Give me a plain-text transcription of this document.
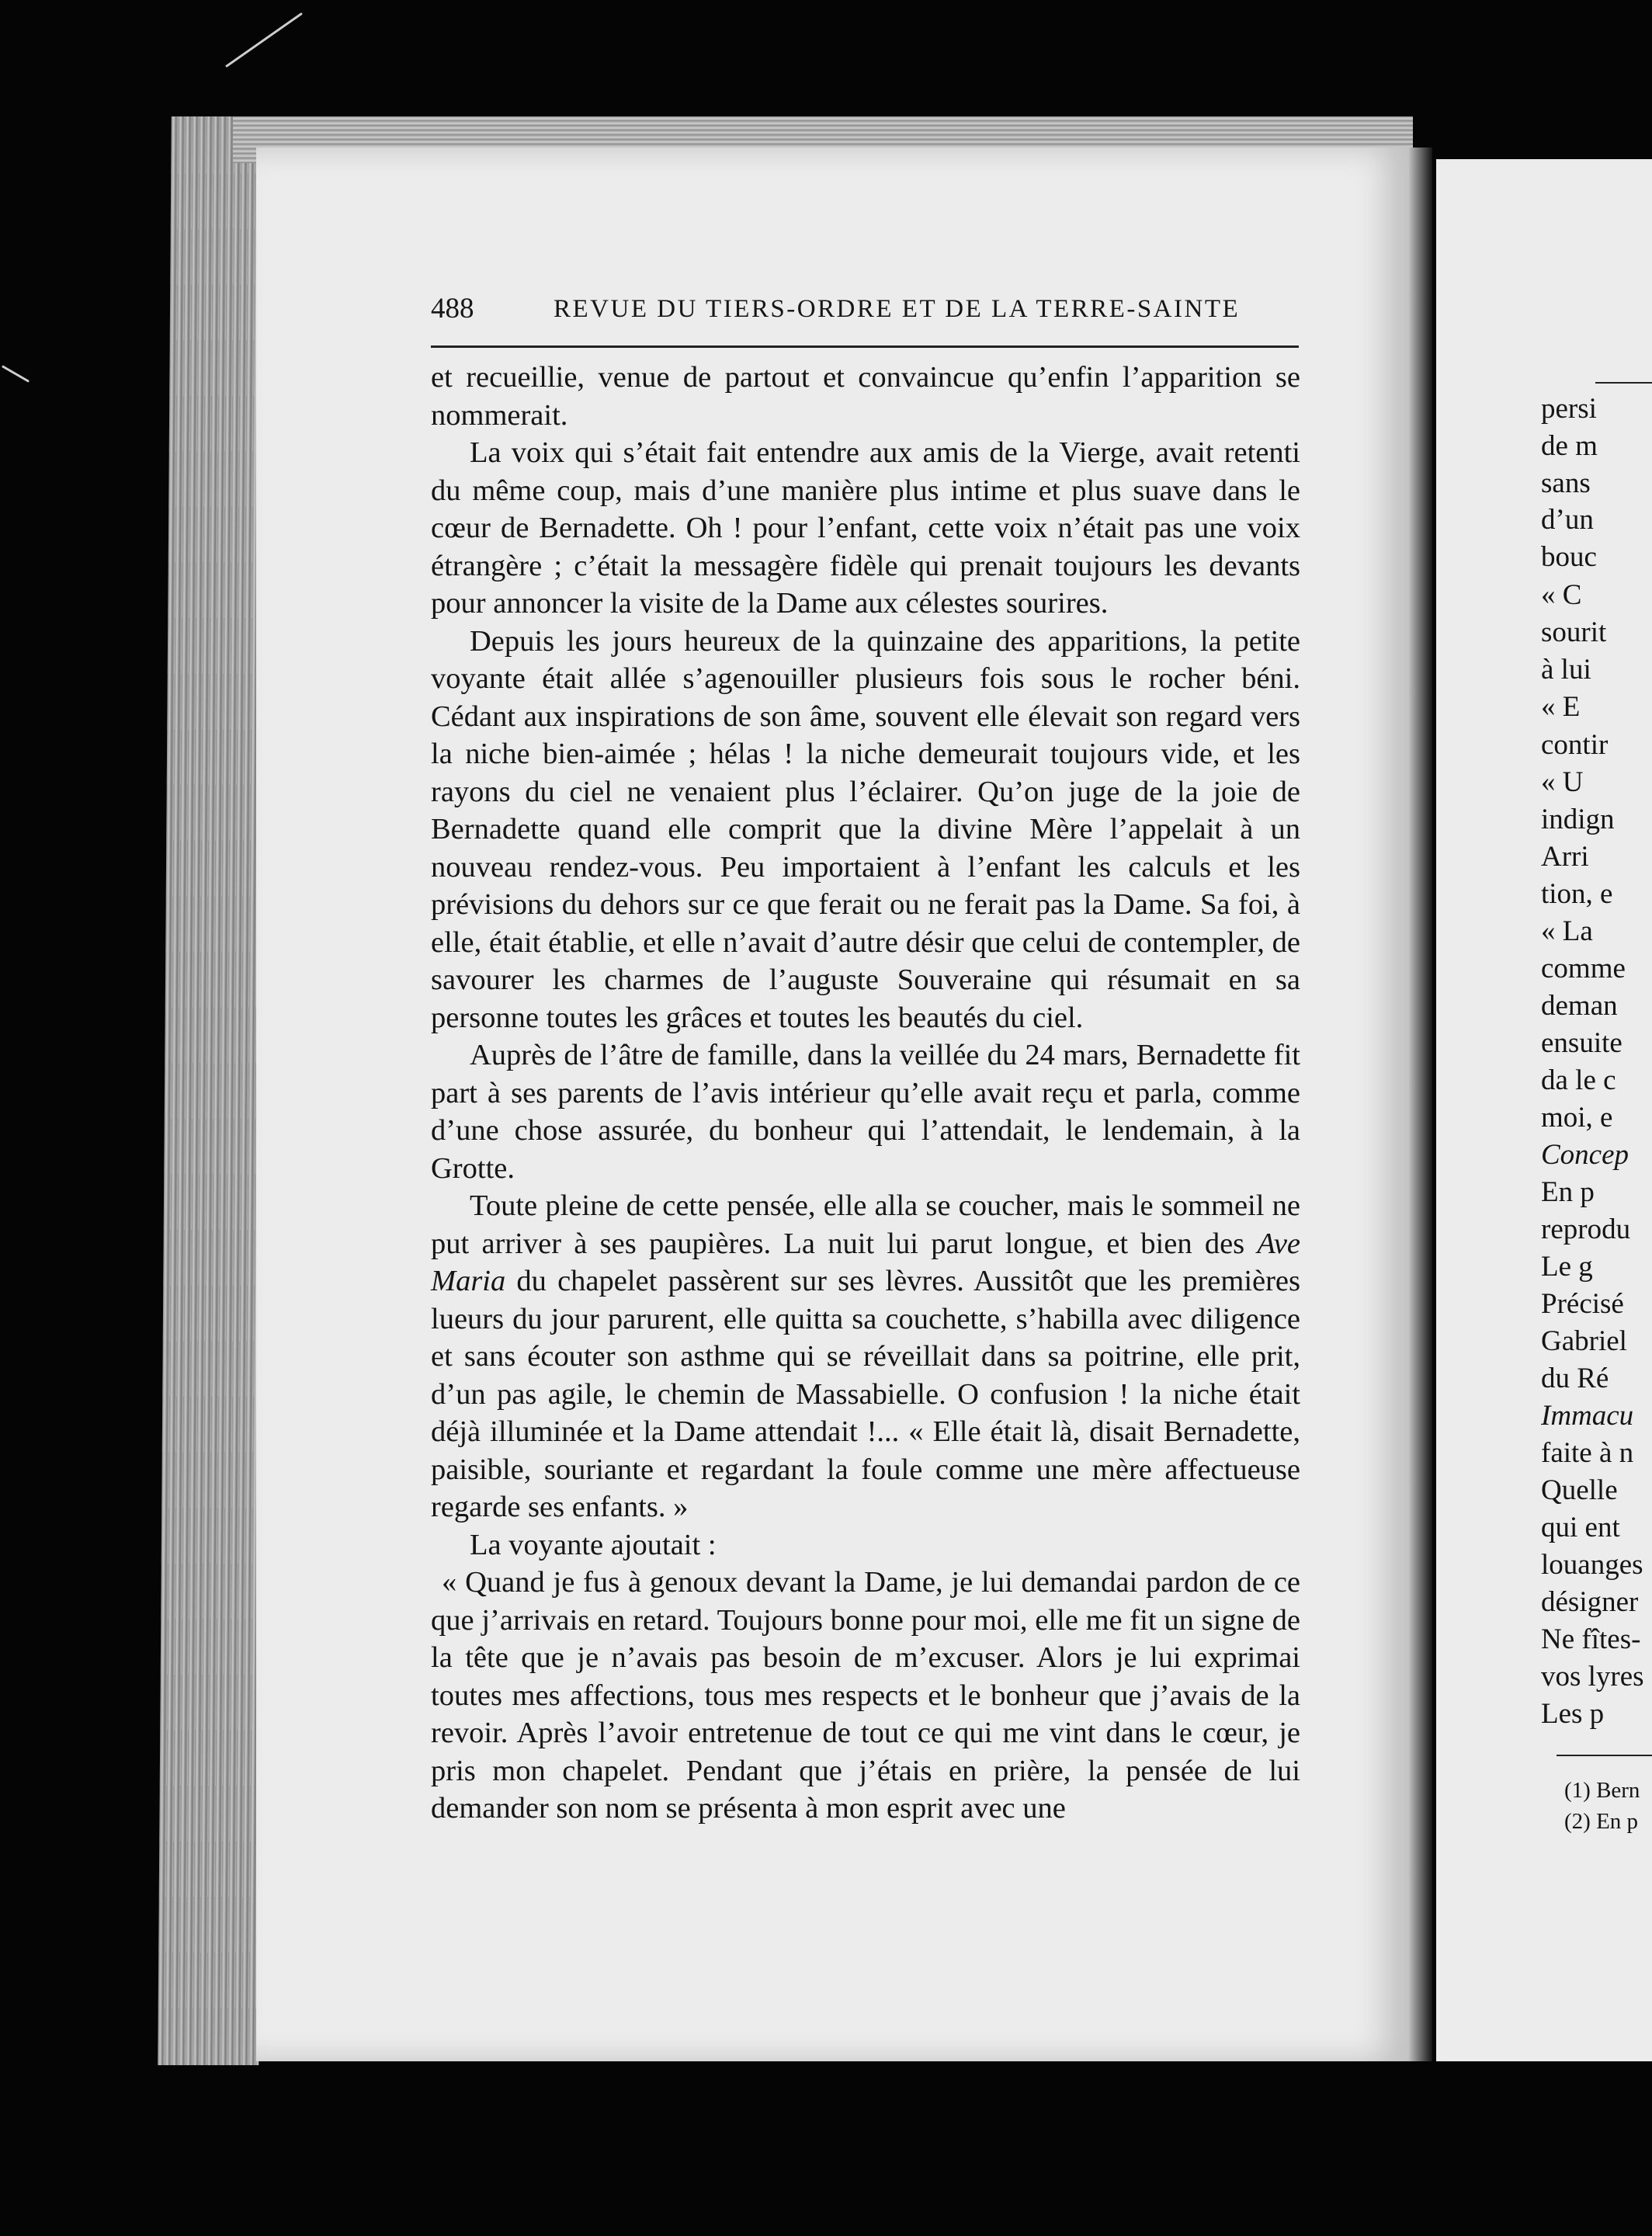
488	REVUE DU TIERS-ORDRE ET DE LA TERRE-SAINTE

et recueillie, venue de partout et convaincue qu’enfin l’apparition se nommerait.

La voix qui s’était fait entendre aux amis de la Vierge, avait retenti du même coup, mais d’une manière plus intime et plus suave dans le cœur de Bernadette. Oh ! pour l’enfant, cette voix n’était pas une voix étrangère ; c’était la messagère fidèle qui prenait toujours les devants pour annoncer la visite de la Dame aux célestes sourires.

Depuis les jours heureux de la quinzaine des apparitions, la petite voyante était allée s’agenouiller plusieurs fois sous le rocher béni. Cédant aux inspirations de son âme, souvent elle élevait son regard vers la niche bien-aimée ; hélas ! la niche demeurait toujours vide, et les rayons du ciel ne venaient plus l’éclairer. Qu’on juge de la joie de Bernadette quand elle comprit que la divine Mère l’appelait à un nouveau rendez-vous. Peu importaient à l’enfant les calculs et les prévisions du dehors sur ce que ferait ou ne ferait pas la Dame. Sa foi, à elle, était établie, et elle n’avait d’autre désir que celui de contempler, de savourer les charmes de l’auguste Souveraine qui résumait en sa personne toutes les grâces et toutes les beautés du ciel.

Auprès de l’âtre de famille, dans la veillée du 24 mars, Bernadette fit part à ses parents de l’avis intérieur qu’elle avait reçu et parla, comme d’une chose assurée, du bonheur qui l’attendait, le lendemain, à la Grotte.

Toute pleine de cette pensée, elle alla se coucher, mais le sommeil ne put arriver à ses paupières. La nuit lui parut longue, et bien des Ave Maria du chapelet passèrent sur ses lèvres. Aussitôt que les premières lueurs du jour parurent, elle quitta sa couchette, s’habilla avec diligence et sans écouter son asthme qui se réveillait dans sa poitrine, elle prit, d’un pas agile, le chemin de Massabielle. O confusion ! la niche était déjà illuminée et la Dame attendait !... « Elle était là, disait Bernadette, paisible, souriante et regardant la foule comme une mère affectueuse regarde ses enfants. »

La voyante ajoutait :

« Quand je fus à genoux devant la Dame, je lui demandai pardon de ce que j’arrivais en retard. Toujours bonne pour moi, elle me fit un signe de la tête que je n’avais pas besoin de m’excuser. Alors je lui exprimai toutes mes affections, tous mes respects et le bonheur que j’avais de la revoir. Après l’avoir entretenue de tout ce qui me vint dans le cœur, je pris mon chapelet. Pendant que j’étais en prière, la pensée de lui demander son nom se présenta à mon esprit avec une

persi
de m
sans
d’un
bouc
« C
sourit
à lui
« E
contir
« U
indign
Arri
tion, e
« La
comme
deman
ensuite
da le c
moi, e
Concep
En p
reprodu
Le g
Précisé
Gabriel
du Ré
Immacu
faite à n
Quelle
qui ent
louanges
désigner
Ne fîtes-
vos lyres
Les p
(1) Bern
(2) En p
